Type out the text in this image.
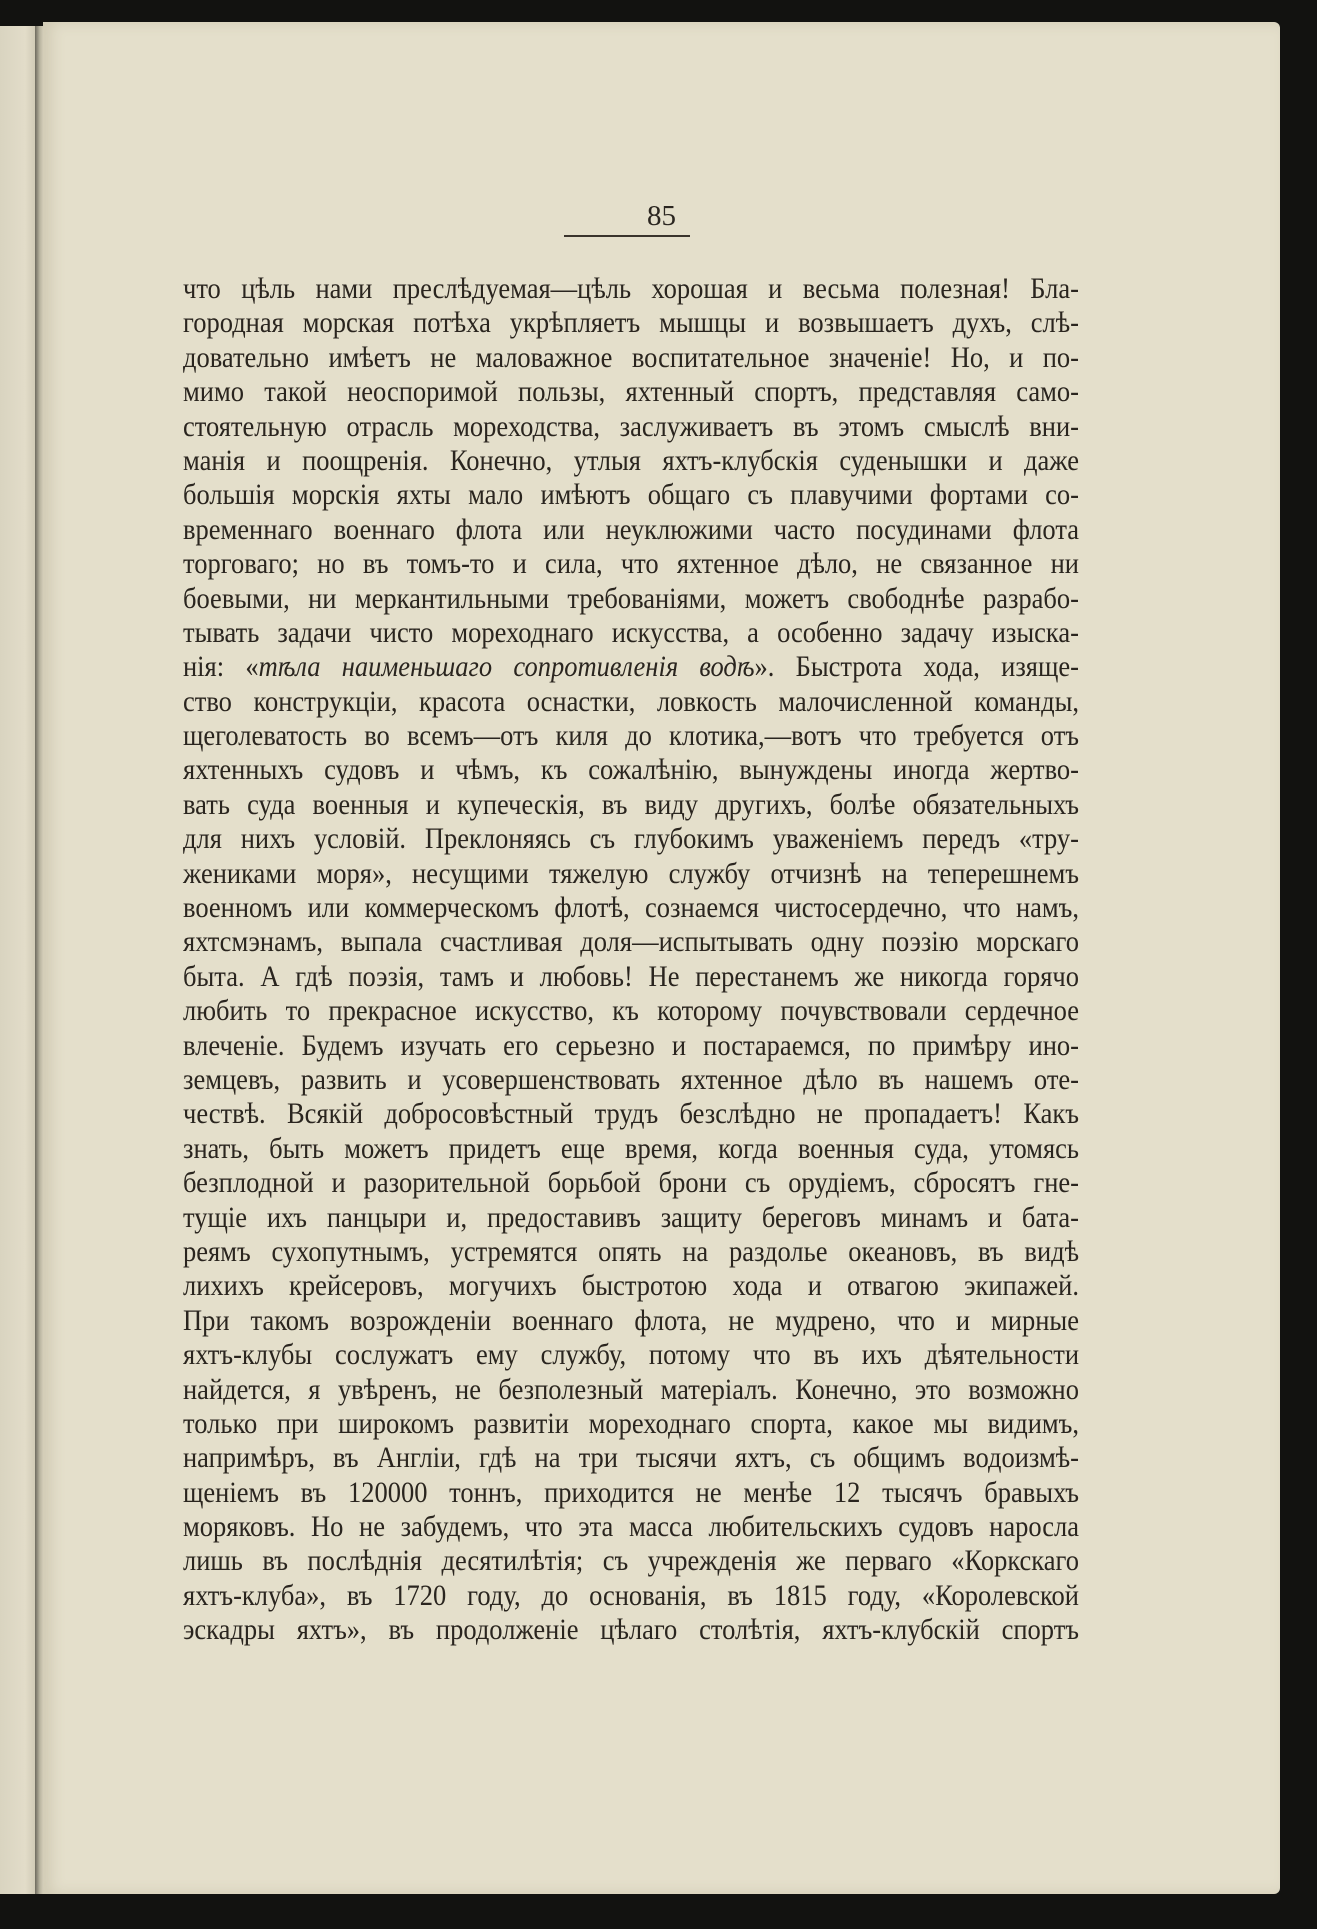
85
что цѣль нами преслѣдуемая—цѣль хорошая и весьма полезная! Бла-
городная морская потѣха укрѣпляетъ мышцы и возвышаетъ духъ, слѣ-
довательно имѣетъ не маловажное воспитательное значеніе! Но, и по-
мимо такой неоспоримой пользы, яхтенный спортъ, представляя само-
стоятельную отрасль мореходства, заслуживаетъ въ этомъ смыслѣ вни-
манія и поощренія. Конечно, утлыя яхтъ-клубскія суденышки и даже
большія морскія яхты мало имѣютъ общаго съ плавучими фортами со-
временнаго военнаго флота или неуклюжими часто посудинами флота
торговаго; но въ томъ-то и сила, что яхтенное дѣло, не связанное ни
боевыми, ни меркантильными требованіями, можетъ свободнѣе разрабо-
тывать задачи чисто мореходнаго искусства, а особенно задачу изыска-
нія: «тѣла наименьшаго сопротивленія водѣ». Быстрота хода, изяще-
ство конструкціи, красота оснастки, ловкость малочисленной команды,
щеголеватость во всемъ—отъ киля до клотика,—вотъ что требуется отъ
яхтенныхъ судовъ и чѣмъ, къ сожалѣнію, вынуждены иногда жертво-
вать суда военныя и купеческія, въ виду другихъ, болѣе обязательныхъ
для нихъ условій. Преклоняясь съ глубокимъ уваженіемъ передъ «тру-
жениками моря», несущими тяжелую службу отчизнѣ на теперешнемъ
военномъ или коммерческомъ флотѣ, сознаемся чистосердечно, что намъ,
яхтсмэнамъ, выпала счастливая доля—испытывать одну поэзію морскаго
быта. А гдѣ поэзія, тамъ и любовь! Не перестанемъ же никогда горячо
любить то прекрасное искусство, къ которому почувствовали сердечное
влеченіе. Будемъ изучать его серьезно и постараемся, по примѣру ино-
земцевъ, развить и усовершенствовать яхтенное дѣло въ нашемъ оте-
чествѣ. Всякій добросовѣстный трудъ безслѣдно не пропадаетъ! Какъ
знать, быть можетъ придетъ еще время, когда военныя суда, утомясь
безплодной и разорительной борьбой брони съ орудіемъ, сбросятъ гне-
тущіе ихъ панцыри и, предоставивъ защиту береговъ минамъ и бата-
реямъ сухопутнымъ, устремятся опять на раздолье океановъ, въ видѣ
лихихъ крейсеровъ, могучихъ быстротою хода и отвагою экипажей.
При такомъ возрожденіи военнаго флота, не мудрено, что и мирные
яхтъ-клубы сослужатъ ему службу, потому что въ ихъ дѣятельности
найдется, я увѣренъ, не безполезный матеріалъ. Конечно, это возможно
только при широкомъ развитіи мореходнаго спорта, какое мы видимъ,
напримѣръ, въ Англіи, гдѣ на три тысячи яхтъ, съ общимъ водоизмѣ-
щеніемъ въ 120000 тоннъ, приходится не менѣе 12 тысячъ бравыхъ
моряковъ. Но не забудемъ, что эта масса любительскихъ судовъ наросла
лишь въ послѣднія десятилѣтія; съ учрежденія же перваго «Коркскаго
яхтъ-клуба», въ 1720 году, до основанія, въ 1815 году, «Королевской
эскадры яхтъ», въ продолженіе цѣлаго столѣтія, яхтъ-клубскій спортъ
